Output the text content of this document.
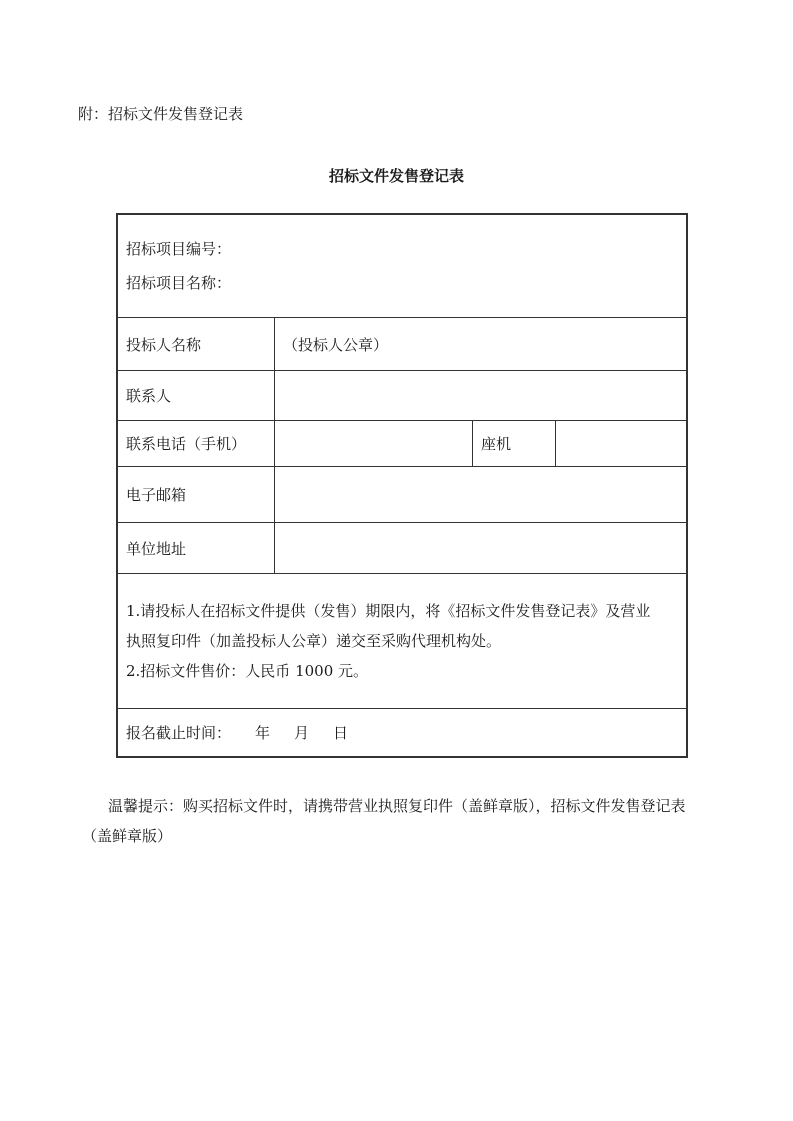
附：招标文件发售登记表
招标文件发售登记表
招标项目编号：
招标项目名称：
投标人名称	（投标人公章）
联系人
联系电话（手机）	座机
电子邮箱
单位地址
1.请投标人在招标文件提供（发售）期限内，将《招标文件发售登记表》及营业
执照复印件（加盖投标人公章）递交至采购代理机构处。
2.招标文件售价：人民币 1000 元。
报名截止时间： 年 月 日
温馨提示：购买招标文件时，请携带营业执照复印件（盖鲜章版），招标文件发售登记表
（盖鲜章版）
